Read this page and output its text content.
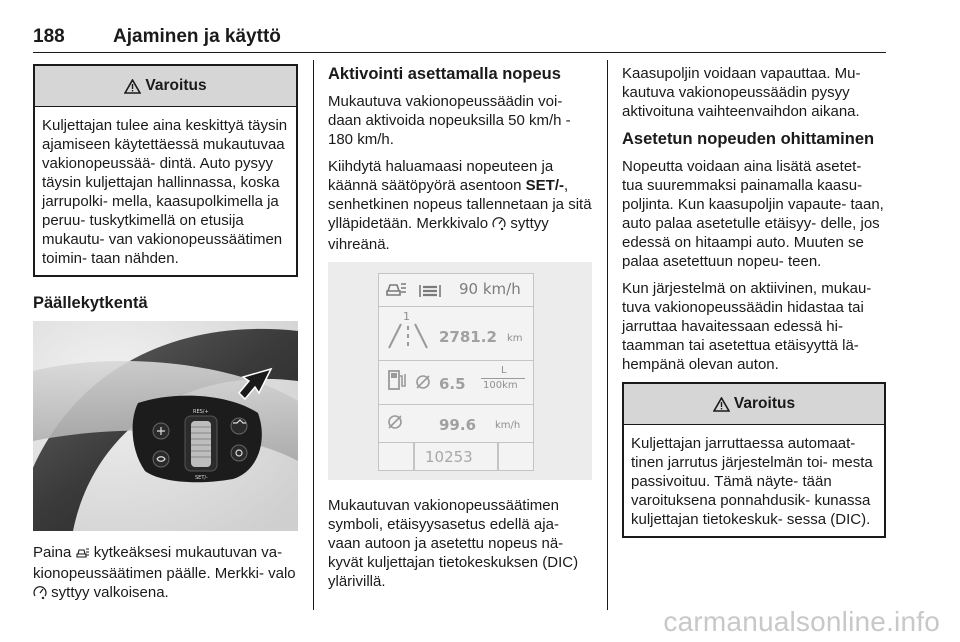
188	Ajaminen ja käyttö
Varoitus
Kuljettajan tulee aina keskittyä täysin ajamiseen käytettäessä mukautuvaa vakionopeussää- dintä. Auto pysyy täysin kuljettajan hallinnassa, koska jarrupolki- mella, kaasupolkimella ja peruu- tuskytkimellä on etusija mukautu- van vakionopeussäätimen toimin- taan nähden.
Päällekytkentä
RES/+
SET/-

Paina kytkeäksesi mukautuvan va- kionopeussäätimen päälle. Merkki- valo  syttyy valkoisena.

Aktivointi asettamalla nopeus

Mukautuva vakionopeussäädin voi- daan aktivoida nopeuksilla 50 km/h - 180 km/h.

Kiihdytä haluamaasi nopeuteen ja käännä säätöpyörä asentoon SET/-, senhetkinen nopeus tallennetaan ja sitä ylläpidetään. Merkkivalo syttyy vihreänä.

90 km/h
1
2781.2 km
6.5
L
100km
99.6 km/h
10253

Mukautuvan vakionopeussäätimen symboli, etäisyysasetus edellä aja- vaan autoon ja asetettu nopeus nä- kyvät kuljettajan tietokeskuksen (DIC) ylärivillä.

Kaasupoljin voidaan vapauttaa. Mu- kautuva vakionopeussäädin pysyy aktivoituna vaihteenvaihdon aikana.

Asetetun nopeuden ohittaminen

Nopeutta voidaan aina lisätä asetet- tua suuremmaksi painamalla kaasu- poljinta. Kun kaasupoljin vapaute- taan, auto palaa asetetulle etäisyy- delle, jos edessä on hitaampi auto. Muuten se palaa asetettuun nopeu- teen.

Kun järjestelmä on aktiivinen, mukau- tuva vakionopeussäädin hidastaa tai jarruttaa havaitessaan edessä hi- taamman tai asetettua etäisyyttä lä- hempänä olevan auton.

Varoitus
Kuljettajan jarruttaessa automaat- tinen jarrutus järjestelmän toi- mesta passivoituu. Tämä näyte- tään varoituksena ponnahdusik- kunassa kuljettajan tietokeskuk- sessa (DIC).
carmanualsonline.info
